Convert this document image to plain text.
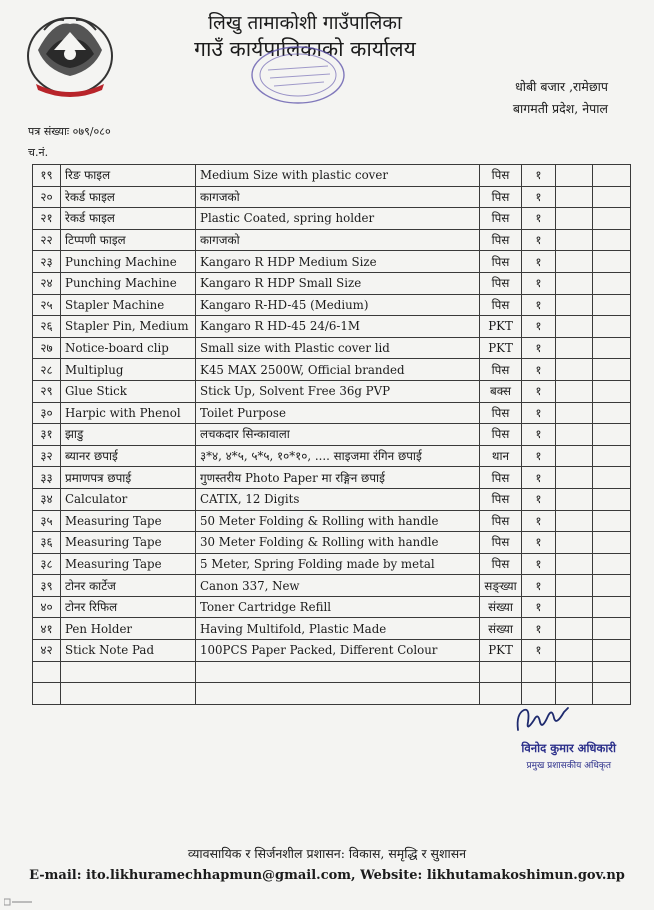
लिखु तामाकोशी गाउँपालिका
गाउँ कार्यपालिकाको कार्यालय
धोबी बजार ,रामेछाप
बागमती प्रदेश, नेपाल
पत्र संख्याः ०७९/०८०
च.नं.
१९	रिङ फाइल	Medium Size with plastic cover	पिस	१		
२०	रेकर्ड फाइल	कागजको	पिस	१		
२१	रेकर्ड फाइल	Plastic Coated, spring holder	पिस	१		
२२	टिप्पणी फाइल	कागजको	पिस	१		
२३	Punching Machine	Kangaro R HDP Medium Size	पिस	१		
२४	Punching Machine	Kangaro R HDP Small Size	पिस	१		
२५	Stapler Machine	Kangaro R-HD-45 (Medium)	पिस	१		
२६	Stapler Pin, Medium	Kangaro R HD-45 24/6-1M	PKT	१		
२७	Notice-board clip	Small size with Plastic cover lid	PKT	१		
२८	Multiplug	K45 MAX 2500W, Official branded	पिस	१		
२९	Glue Stick	Stick Up, Solvent Free 36g PVP	बक्स	१		
३०	Harpic with Phenol	Toilet Purpose	पिस	१		
३१	झाडु	लचकदार सिन्कावाला	पिस	१		
३२	ब्यानर छपाई	३*४, ४*५, ५*५, १०*१०, .... साइजमा रंगिन छपाई	थान	१		
३३	प्रमाणपत्र छपाई	गुणस्तरीय Photo Paper मा रङ्गिन छपाई	पिस	१		
३४	Calculator	CATIX, 12 Digits	पिस	१		
३५	Measuring Tape	50 Meter Folding & Rolling with handle	पिस	१		
३६	Measuring Tape	30 Meter Folding & Rolling with handle	पिस	१		
३८	Measuring Tape	5 Meter, Spring Folding made by metal	पिस	१		
३९	टोनर कार्टेज	Canon 337, New	सङ्ख्या	१		
४०	टोनर रिफिल	Toner Cartridge Refill	संख्या	१		
४१	Pen Holder	Having Multifold, Plastic Made	संख्या	१		
४२	Stick Note Pad	100PCS Paper Packed, Different Colour	PKT	१		

विनोद कुमार अधिकारी
प्रमुख प्रशासकीय अधिकृत
व्यावसायिक र सिर्जनशील प्रशासन: विकास, समृद्धि र सुशासन
E-mail: ito.likhuramechhapmun@gmail.com, Website: likhutamakoshimun.gov.np
